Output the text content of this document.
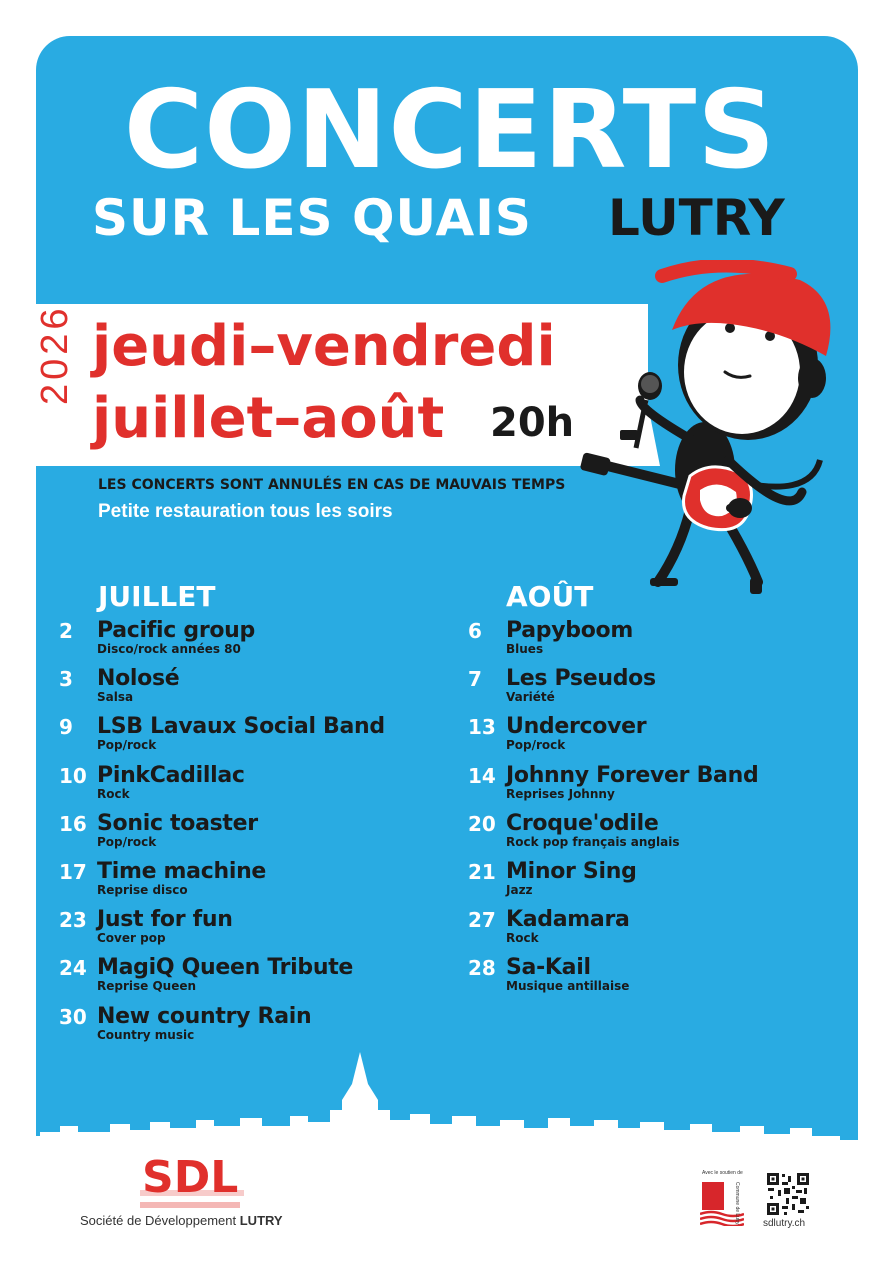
CONCERTS
SUR LES QUAIS LUTRY
2026 jeudi–vendredi
juillet–août 20h
LES CONCERTS SONT ANNULÉS EN CAS DE MAUVAIS TEMPS
Petite restauration tous les soirs
JUILLET	AOÛT
2	Pacific group
Disco/rock années 80
3	Nolosé
Salsa
9	LSB Lavaux Social Band
Pop/rock
10 PinkCadillac
Rock
16 Sonic toaster
Pop/rock
17 Time machine
Reprise disco
23 Just for fun
Cover pop
24 MagiQ Queen Tribute
Reprise Queen
30 New country Rain
Country music
6	Papyboom
Blues
7	Les Pseudos
Variété
13 Undercover
Pop/rock
14 Johnny Forever Band
Reprises Johnny
20 Croque'odile
Rock pop français anglais
21 Minor Sing
Jazz
27 Kadamara
Rock
28 Sa-Kail
Musique antillaise
SDL
Société de Développement LUTRY
Avec le soutien de
Commune de Lutry sdlutry.ch
